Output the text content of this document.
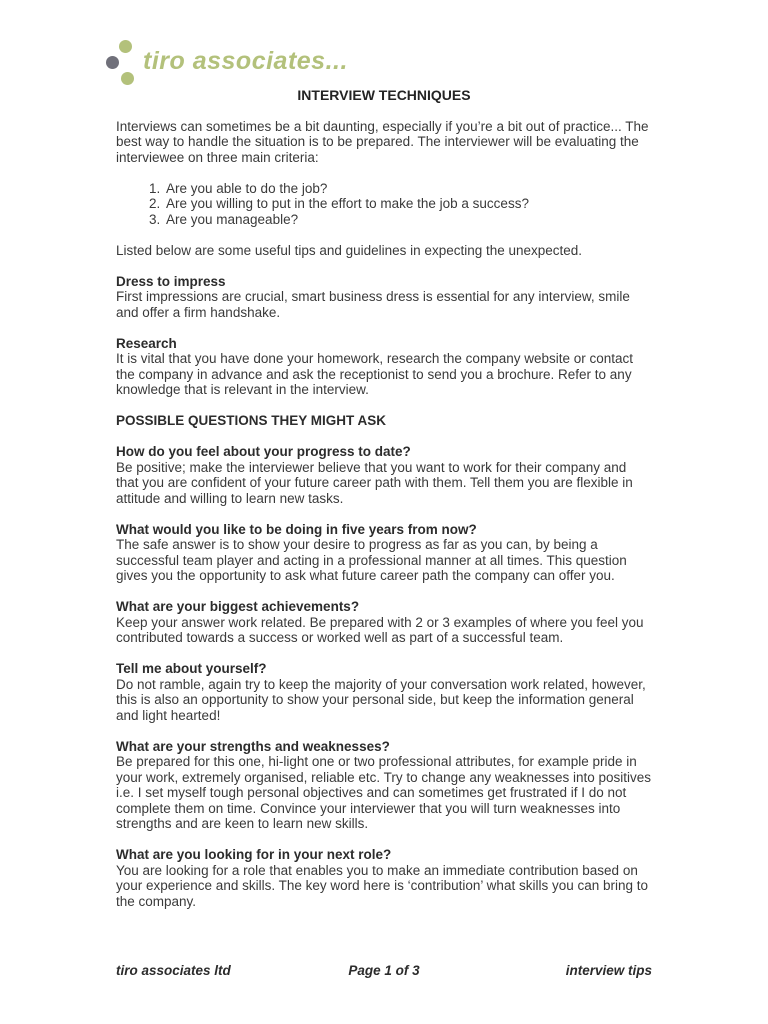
tiro associates...
INTERVIEW TECHNIQUES

Interviews can sometimes be a bit daunting, especially if you’re a bit out of practice... The best way to handle the situation is to be prepared. The interviewer will be evaluating the interviewee on three main criteria:

1. Are you able to do the job?
2. Are you willing to put in the effort to make the job a success?
3. Are you manageable?

Listed below are some useful tips and guidelines in expecting the unexpected.

Dress to impress
First impressions are crucial, smart business dress is essential for any interview, smile and offer a firm handshake.
Research
It is vital that you have done your homework, research the company website or contact the company in advance and ask the receptionist to send you a brochure. Refer to any knowledge that is relevant in the interview.
POSSIBLE QUESTIONS THEY MIGHT ASK
How do you feel about your progress to date?
Be positive; make the interviewer believe that you want to work for their company and that you are confident of your future career path with them. Tell them you are flexible in attitude and willing to learn new tasks.
What would you like to be doing in five years from now?
The safe answer is to show your desire to progress as far as you can, by being a successful team player and acting in a professional manner at all times. This question gives you the opportunity to ask what future career path the company can offer you.
What are your biggest achievements?
Keep your answer work related. Be prepared with 2 or 3 examples of where you feel you contributed towards a success or worked well as part of a successful team.
Tell me about yourself?
Do not ramble, again try to keep the majority of your conversation work related, however, this is also an opportunity to show your personal side, but keep the information general and light hearted!
What are your strengths and weaknesses?
Be prepared for this one, hi-light one or two professional attributes, for example pride in your work, extremely organised, reliable etc. Try to change any weaknesses into positives i.e. I set myself tough personal objectives and can sometimes get frustrated if I do not complete them on time. Convince your interviewer that you will turn weaknesses into strengths and are keen to learn new skills.
What are you looking for in your next role?
You are looking for a role that enables you to make an immediate contribution based on your experience and skills. The key word here is ‘contribution’ what skills you can bring to the company.
tiro associates ltd	Page 1 of 3	interview tips
